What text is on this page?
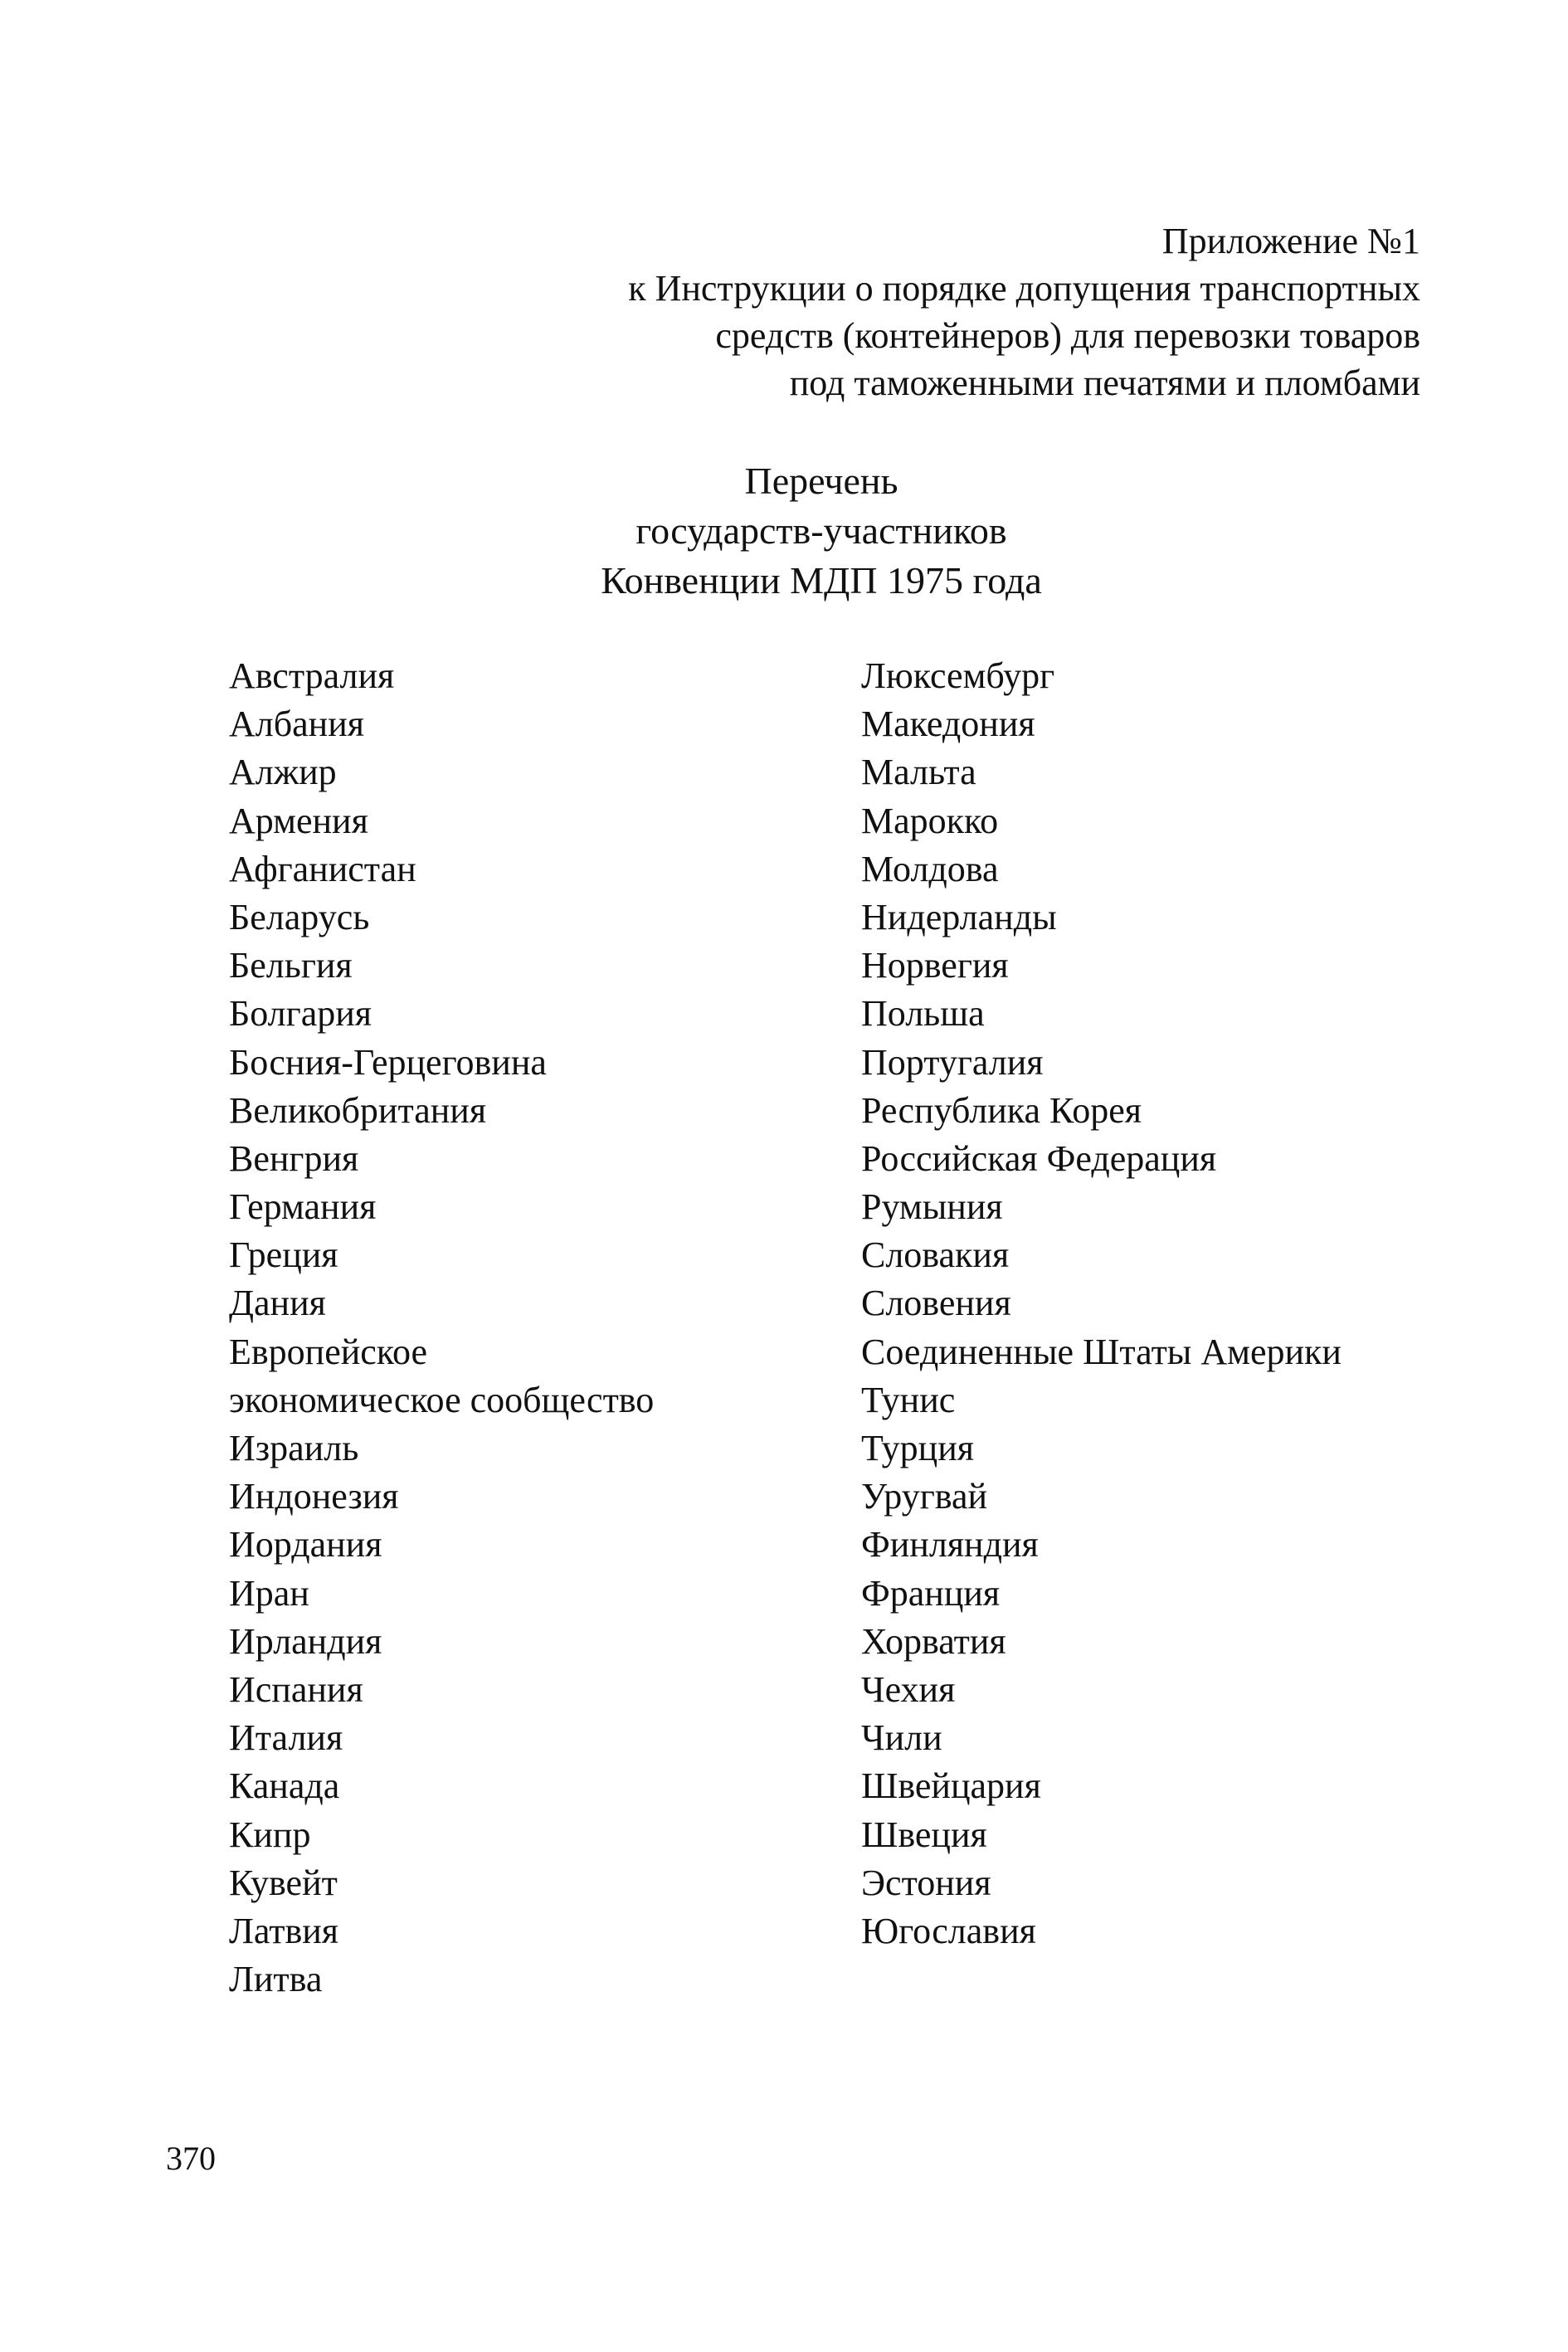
Приложение №1
к Инструкции о порядке допущения транспортных
средств (контейнеров) для перевозки товаров
под таможенными печатями и пломбами
Перечень
государств-участников
Конвенции МДП 1975 года
Австралия
Албания
Алжир
Армения
Афганистан
Беларусь
Бельгия
Болгария
Босния-Герцеговина
Великобритания
Венгрия
Германия
Греция
Дания
Европейское
экономическое сообщество
Израиль
Индонезия
Иордания
Иран
Ирландия
Испания
Италия
Канада
Кипр
Кувейт
Латвия
Литва
Люксембург
Македония
Мальта
Марокко
Молдова
Нидерланды
Норвегия
Польша
Португалия
Республика Корея
Российская Федерация
Румыния
Словакия
Словения
Соединенные Штаты Америки
Тунис
Турция
Уругвай
Финляндия
Франция
Хорватия
Чехия
Чили
Швейцария
Швеция
Эстония
Югославия
370
